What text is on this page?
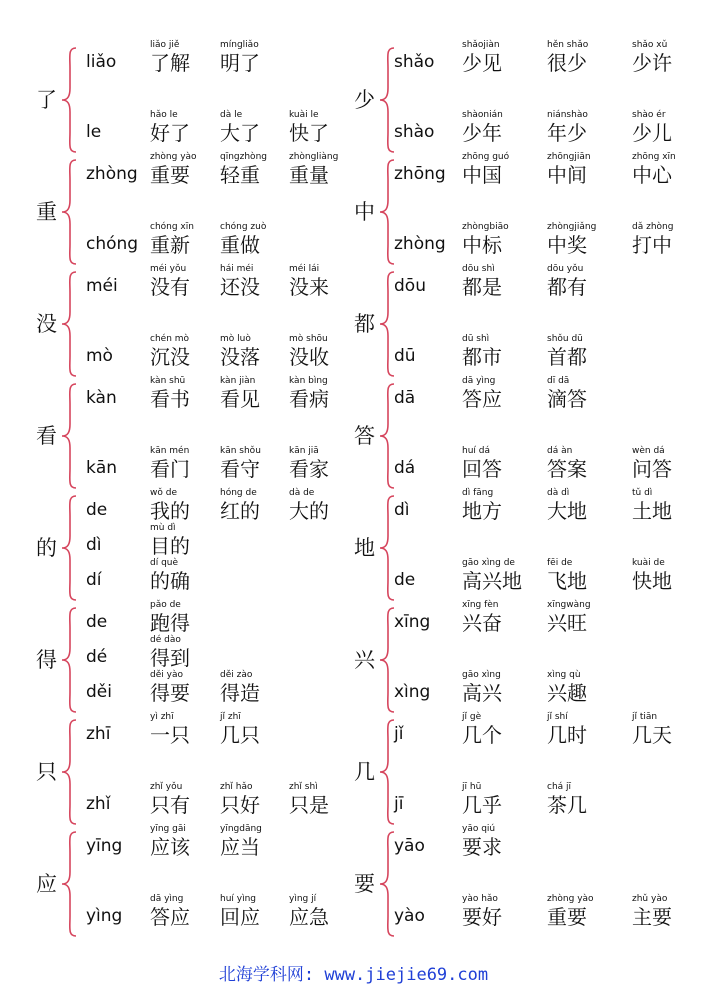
了
liǎo
liǎo jiě
了解
míngliǎo
明了
le
hǎo le
好了
dà le
大了
kuài le
快了
重
zhòng
zhòng yào
重要
qīngzhòng
轻重
zhòngliàng
重量
chóng
chóng xīn
重新
chóng zuò
重做
没
méi
méi yǒu
没有
hái méi
还没
méi lái
没来
mò
chén mò
沉没
mò luò
没落
mò shōu
没收
看
kàn
kàn shū
看书
kàn jiàn
看见
kàn bìng
看病
kān
kān mén
看门
kān shǒu
看守
kān jiā
看家
的
de
wǒ de
我的
hóng de
红的
dà de
大的
dì
mù dì
目的
dí
dí què
的确
得
de
pǎo de
跑得
dé
dé dào
得到
děi
děi yào
得要
děi zào
得造
只
zhī
yì zhī
一只
jǐ zhī
几只
zhǐ
zhǐ yǒu
只有
zhǐ hǎo
只好
zhǐ shì
只是
应
yīng
yīng gāi
应该
yīngdāng
应当
yìng
dā yìng
答应
huí yìng
回应
yìng jí
应急
少
shǎo
shǎojiàn
少见
hěn shǎo
很少
shǎo xǔ
少许
shào
shàonián
少年
niánshào
年少
shào ér
少儿
中
zhōng
zhōng guó
中国
zhōngjiān
中间
zhōng xīn
中心
zhòng
zhòngbiāo
中标
zhòngjiǎng
中奖
dǎ zhòng
打中
都
dōu
dōu shì
都是
dōu yǒu
都有
dū
dū shì
都市
shǒu dū
首都
答
dā
dā yìng
答应
dī dā
滴答
dá
huí dá
回答
dá àn
答案
wèn dá
问答
地
dì
dì fāng
地方
dà dì
大地
tǔ dì
土地
de
gāo xìng de
高兴地
fēi de
飞地
kuài de
快地
兴
xīng
xīng fèn
兴奋
xīngwàng
兴旺
xìng
gāo xìng
高兴
xìng qù
兴趣
几
jǐ
jǐ gè
几个
jǐ shí
几时
jǐ tiān
几天
jī
jī hū
几乎
chá jī
茶几
要
yāo
yāo qiú
要求
yào
yào hǎo
要好
zhòng yào
重要
zhǔ yào
主要
北海学科网: www.jiejie69.com
